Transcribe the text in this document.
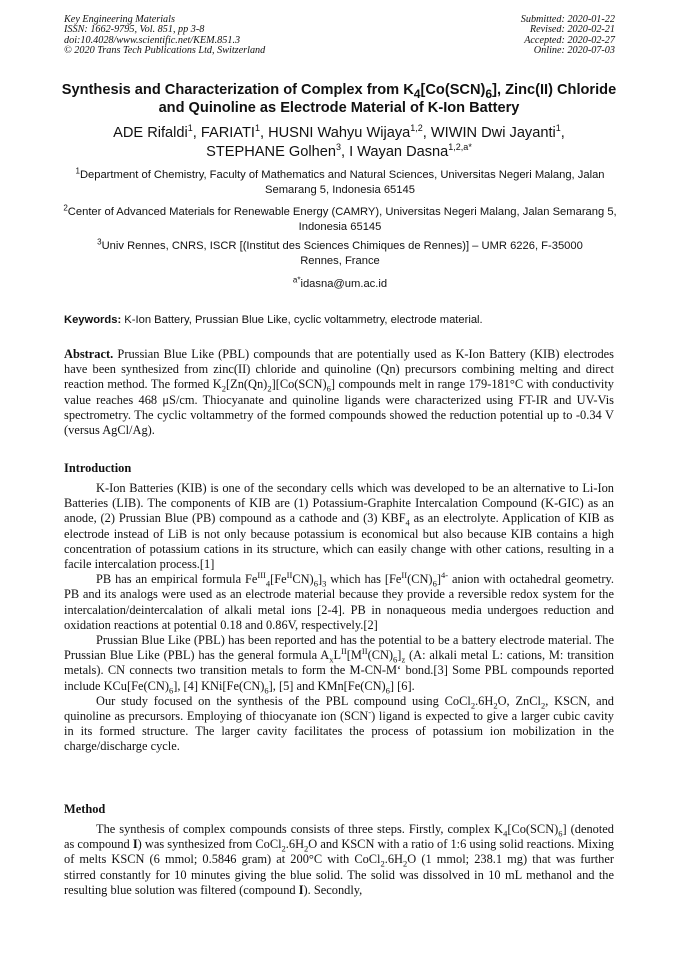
Key Engineering Materials
ISSN: 1662-9795, Vol. 851, pp 3-8
doi:10.4028/www.scientific.net/KEM.851.3
© 2020 Trans Tech Publications Ltd, Switzerland
Submitted: 2020-01-22
Revised: 2020-02-21
Accepted: 2020-02-27
Online: 2020-07-03
Synthesis and Characterization of Complex from $K_4[Co(SCN)_6]$, Zinc(II) Chloride and Quinoline as Electrode Material of K-Ion Battery
ADE Rifaldi$^1$, FARIATI$^1$, HUSNI Wahyu Wijaya$^{1,2}$, WIWIN Dwi Jayanti$^1$,
STEPHANE Golhen$^3$, I Wayan Dasna$^{1,2,a*}$
$^1$Department of Chemistry, Faculty of Mathematics and Natural Sciences, Universitas Negeri Malang, Jalan Semarang 5, Indonesia 65145
$^2$Center of Advanced Materials for Renewable Energy (CAMRY), Universitas Negeri Malang, Jalan Semarang 5, Indonesia 65145
$^3$Univ Rennes, CNRS, ISCR [(Institut des Sciences Chimiques de Rennes)] – UMR 6226, F-35000
Rennes, France
$^{a*}$idasna@um.ac.id
Keywords: K-Ion Battery, Prussian Blue Like, cyclic voltammetry, electrode material.

Abstract. Prussian Blue Like (PBL) compounds that are potentially used as K-Ion Battery (KIB) electrodes have been synthesized from zinc(II) chloride and quinoline (Qn) precursors combining melting and direct reaction method. The formed $K_2[Zn(Qn)_2][Co(SCN)_6]$ compounds melt in range 179-181°C with conductivity value reaches 468 μS/cm. Thiocyanate and quinoline ligands were characterized using FT-IR and UV-Vis spectrometry. The cyclic voltammetry of the formed compounds showed the reduction potential up to -0.34 V (versus AgCl/Ag).

Introduction

K-Ion Batteries (KIB) is one of the secondary cells which was developed to be an alternative to Li-Ion Batteries (LIB). The components of KIB are (1) Potassium-Graphite Intercalation Compound (K-GIC) as an anode, (2) Prussian Blue (PB) compound as a cathode and (3) $KBF_4$ as an electrolyte. Application of KIB as electrode instead of LiB is not only because potassium is economical but also because KIB contains a high concentration of potassium cations in its structure, which can easily change with other cations, resulting in a facile intercalation process.[1]

PB has an empirical formula $Fe^{III}_4[Fe^{II}CN)_6]_3$ which has $[Fe^{II}(CN)_6]^{4-}$ anion with octahedral geometry. PB and its analogs were used as an electrode material because they provide a reversible redox system for the intercalation/deintercalation of alkali metal ions [2-4]. PB in nonaqueous media undergoes reduction and oxidation reactions at potential 0.18 and 0.86V, respectively.[2]

Prussian Blue Like (PBL) has been reported and has the potential to be a battery electrode material. The Prussian Blue Like (PBL) has the general formula $A_xL^{II}[M^{II}(CN)_6]_z$ (A: alkali metal L: cations, M: transition metals). CN connects two transition metals to form the M-CN-M‘ bond.[3] Some PBL compounds reported include $KCu[Fe(CN)_6]$, [4] $KNi[Fe(CN)_6]$, [5] and $KMn[Fe(CN)_6]$ [6].

Our study focused on the synthesis of the PBL compound using $CoCl_2.6H_2O$, ZnCl$_2$, KSCN, and quinoline as precursors. Employing of thiocyanate ion (SCN-) ligand is expected to give a larger cubic cavity in its formed structure. The larger cavity facilitates the process of potassium ion mobilization in the charge/discharge cycle.

Method

The synthesis of complex compounds consists of three steps. Firstly, complex $K_4[Co(SCN)_6]$ (denoted as compound I) was synthesized from $CoCl_2.6H_2O$ and KSCN with a ratio of 1:6 using solid reactions. Mixing of melts KSCN (6 mmol; 0.5846 gram) at 200°C with $CoCl_2.6H_2O$ (1 mmol; 238.1 mg) that was further stirred constantly for 10 minutes giving the blue solid. The solid was dissolved in 10 mL methanol and the resulting blue solution was filtered (compound I). Secondly,
